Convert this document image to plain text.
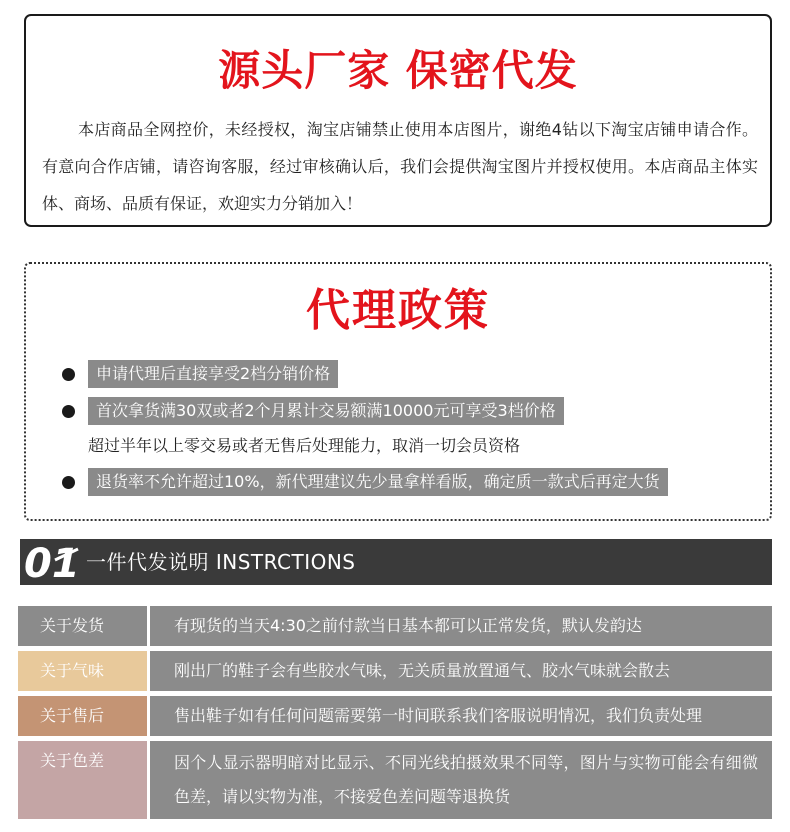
源头厂家 保密代发
本店商品全网控价，未经授权，淘宝店铺禁止使用本店图片，谢绝4钻以下淘宝店铺申请合作。有意向合作店铺，请咨询客服，经过审核确认后，我们会提供淘宝图片并授权使用。本店商品主体实体、商场、品质有保证，欢迎实力分销加入！
代理政策
申请代理后直接享受2档分销价格
首次拿货满30双或者2个月累计交易额满10000元可享受3档价格
超过半年以上零交易或者无售后处理能力，取消一切会员资格
退货率不允许超过10%，新代理建议先少量拿样看版，确定质一款式后再定大货
01 一件代发说明 INSTRCTIONS
关于发货	有现货的当天4:30之前付款当日基本都可以正常发货，默认发韵达
关于气味	刚出厂的鞋子会有些胶水气味，无关质量放置通气、胶水气味就会散去
关于售后	售出鞋子如有任何问题需要第一时间联系我们客服说明情况，我们负责处理
关于色差	因个人显示器明暗对比显示、不同光线拍摄效果不同等，图片与实物可能会有细微色差，请以实物为准，不接爱色差问题等退换货
